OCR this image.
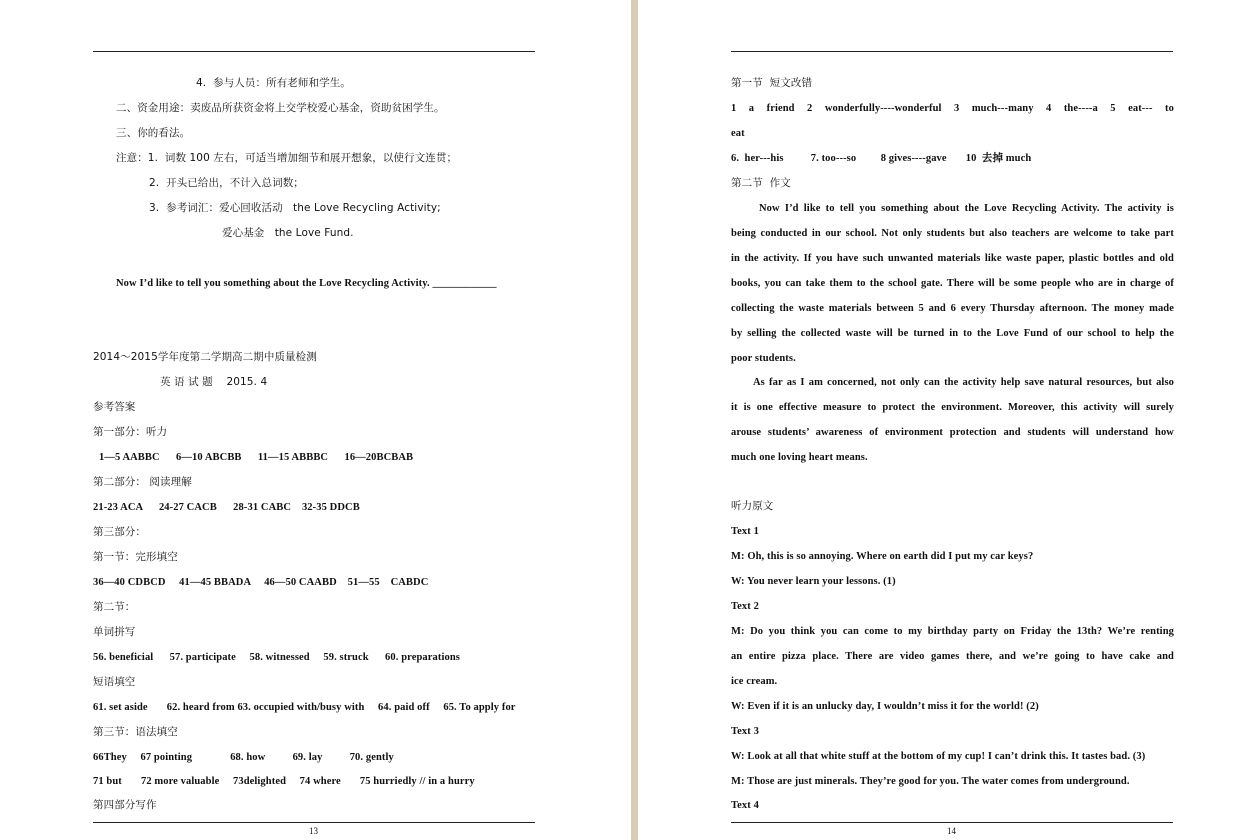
4.  参与人员：所有老师和学生。
二、资金用途：卖废品所获资金将上交学校爱心基金，资助贫困学生。
三、你的看法。
注意：1.  词数 100 左右，可适当增加细节和展开想象，以使行文连贯；
2.  开头已给出，不计入总词数；
3.  参考词汇：爱心回收活动   the Love Recycling Activity;
爱心基金   the Love Fund.
Now I’d like to tell you something about the Love Recycling Activity. ____________
2014～2015学年度第二学期高二期中质量检测
英 语 试 题    2015. 4
参考答案
第一部分：听力
1—5 AABBC      6—10 ABCBB      11—15 ABBBC      16—20BCBAB
第二部分： 阅读理解
21-23 ACA      24-27 CACB      28-31 CABC    32-35 DDCB
第三部分：
第一节：完形填空
36—40 CDBCD     41—45 BBADA     46—50 CAABD    51—55    CABDC
第二节：
单词拼写
56. beneficial      57. participate     58. witnessed     59. struck      60. preparations
短语填空
61. set aside       62. heard from 63. occupied with/busy with     64. paid off     65. To apply for
第三节：语法填空
66They     67 pointing              68. how          69. lay          70. gently
71 but       72 more valuable     73delighted     74 where       75 hurriedly // in a hurry
第四部分写作
13
第一节  短文改错
1 a friend 2 wonderfully----wonderful 3 much---many 4 the----a 5 eat--- to
eat
6.  her---his          7. too---so         8 gives----gave       10  去掉 much
第二节  作文
Now I’d like to tell you something about the Love Recycling Activity. The activity is
being conducted in our school. Not only students but also teachers are welcome to take part
in the activity. If you have such unwanted materials like waste paper, plastic bottles and old
books, you can take them to the school gate. There will be some people who are in charge of
collecting the waste materials between 5 and 6 every Thursday afternoon. The money made
by selling the collected waste will be turned in to the Love Fund of our school to help the
poor students.
As far as I am concerned, not only can the activity help save natural resources, but also
it is one effective measure to protect the environment. Moreover, this activity will surely
arouse students’ awareness of environment protection and students will understand how
much one loving heart means.
听力原文
Text 1
M: Oh, this is so annoying. Where on earth did I put my car keys?
W: You never learn your lessons. (1)
Text 2
M: Do you think you can come to my birthday party on Friday the 13th? We’re renting
an entire pizza place. There are video games there, and we’re going to have cake and
ice cream.
W: Even if it is an unlucky day, I wouldn’t miss it for the world! (2)
Text 3
W: Look at all that white stuff at the bottom of my cup! I can’t drink this. It tastes bad. (3)
M: Those are just minerals. They’re good for you. The water comes from underground.
Text 4
14
